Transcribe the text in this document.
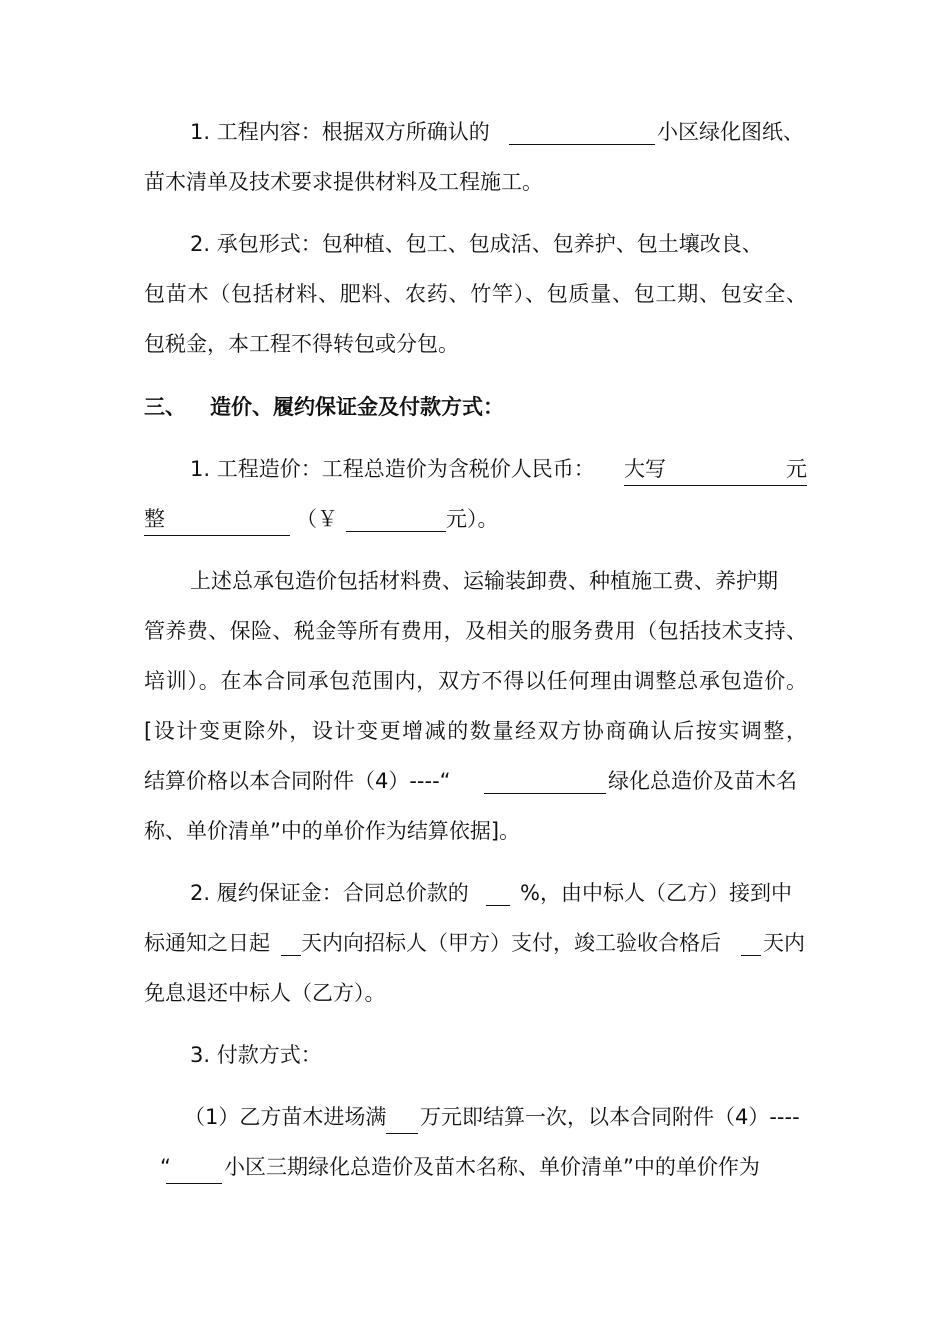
1. 工程内容：根据双方所确认的	小区绿化图纸、
苗木清单及技术要求提供材料及工程施工。
2. 承包形式：包种植、包工、包成活、包养护、包土壤改良、
包苗木（包括材料、肥料、农药、竹竿）、包质量、包工期、包安全、
包税金，本工程不得转包或分包。
三、 造价、履约保证金及付款方式：
1. 工程造价：工程总造价为含税价人民币： 大写	元
整	（￥	元）。
上述总承包造价包括材料费、运输装卸费、种植施工费、养护期
管养费、保险、税金等所有费用，及相关的服务费用（包括技术支持、
培训）。在本合同承包范围内，双方不得以任何理由调整总承包造价。
[设计变更除外，设计变更增减的数量经双方协商确认后按实调整，
结算价格以本合同附件（4）----“	绿化总造价及苗木名
称、单价清单”中的单价作为结算依据]。
2. 履约保证金：合同总价款的 %，由中标人（乙方）接到中
标通知之日起 天内向招标人（甲方）支付，竣工验收合格后 天内
免息退还中标人（乙方）。
3. 付款方式：
（1）乙方苗木进场满 万元即结算一次，以本合同附件（4）----
“	小区三期绿化总造价及苗木名称、单价清单”中的单价作为
